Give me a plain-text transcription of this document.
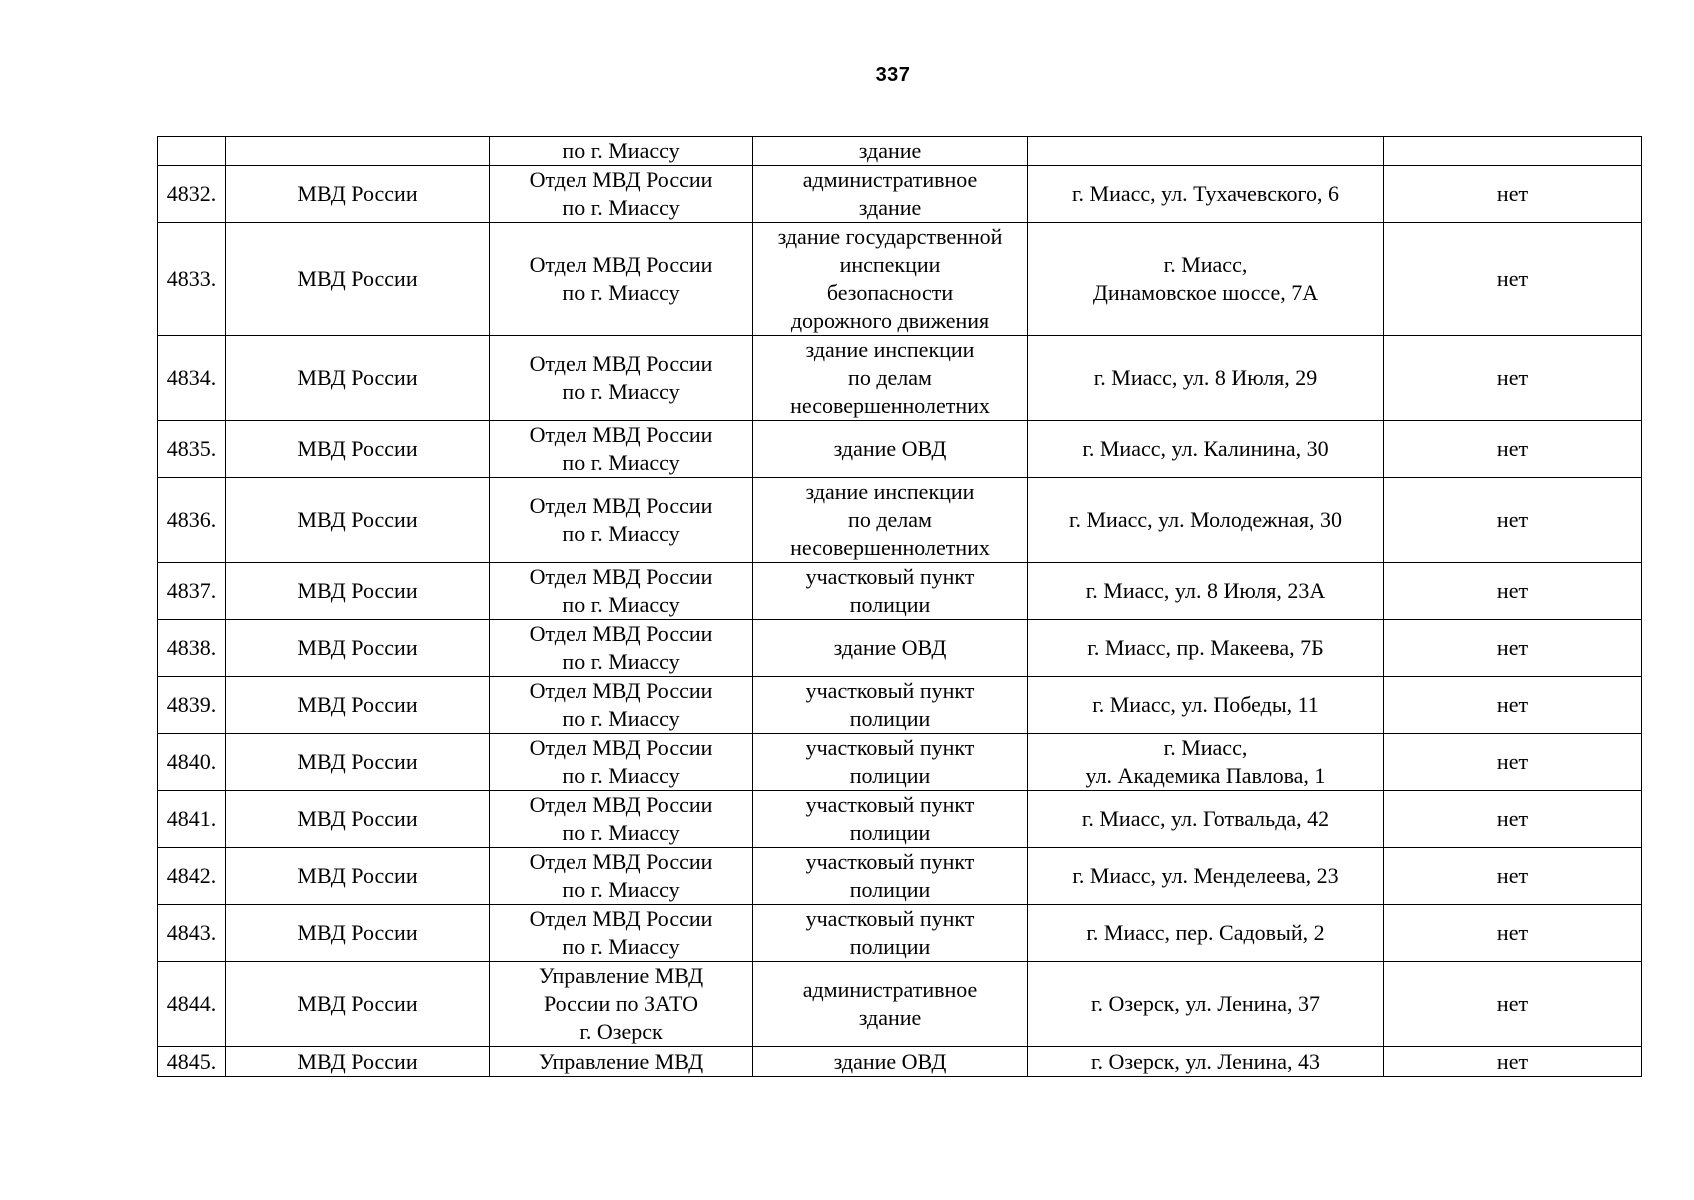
337
		по г. Миассу	здание		
4832.	МВД России	Отдел МВД России
по г. Миассу	административное
здание	г. Миасс, ул. Тухачевского, 6	нет
4833.	МВД России	Отдел МВД России
по г. Миассу	здание государственной
инспекции
безопасности
дорожного движения	г. Миасс,
Динамовское шоссе, 7А	нет
4834.	МВД России	Отдел МВД России
по г. Миассу	здание инспекции
по делам
несовершеннолетних	г. Миасс, ул. 8 Июля, 29	нет
4835.	МВД России	Отдел МВД России
по г. Миассу	здание ОВД	г. Миасс, ул. Калинина, 30	нет
4836.	МВД России	Отдел МВД России
по г. Миассу	здание инспекции
по делам
несовершеннолетних	г. Миасс, ул. Молодежная, 30	нет
4837.	МВД России	Отдел МВД России
по г. Миассу	участковый пункт
полиции	г. Миасс, ул. 8 Июля, 23А	нет
4838.	МВД России	Отдел МВД России
по г. Миассу	здание ОВД	г. Миасс, пр. Макеева, 7Б	нет
4839.	МВД России	Отдел МВД России
по г. Миассу	участковый пункт
полиции	г. Миасс, ул. Победы, 11	нет
4840.	МВД России	Отдел МВД России
по г. Миассу	участковый пункт
полиции	г. Миасс,
ул. Академика Павлова, 1	нет
4841.	МВД России	Отдел МВД России
по г. Миассу	участковый пункт
полиции	г. Миасс, ул. Готвальда, 42	нет
4842.	МВД России	Отдел МВД России
по г. Миассу	участковый пункт
полиции	г. Миасс, ул. Менделеева, 23	нет
4843.	МВД России	Отдел МВД России
по г. Миассу	участковый пункт
полиции	г. Миасс, пер. Садовый, 2	нет
4844.	МВД России	Управление МВД
России по ЗАТО
г. Озерск	административное
здание	г. Озерск, ул. Ленина, 37	нет
4845.	МВД России	Управление МВД	здание ОВД	г. Озерск, ул. Ленина, 43	нет
